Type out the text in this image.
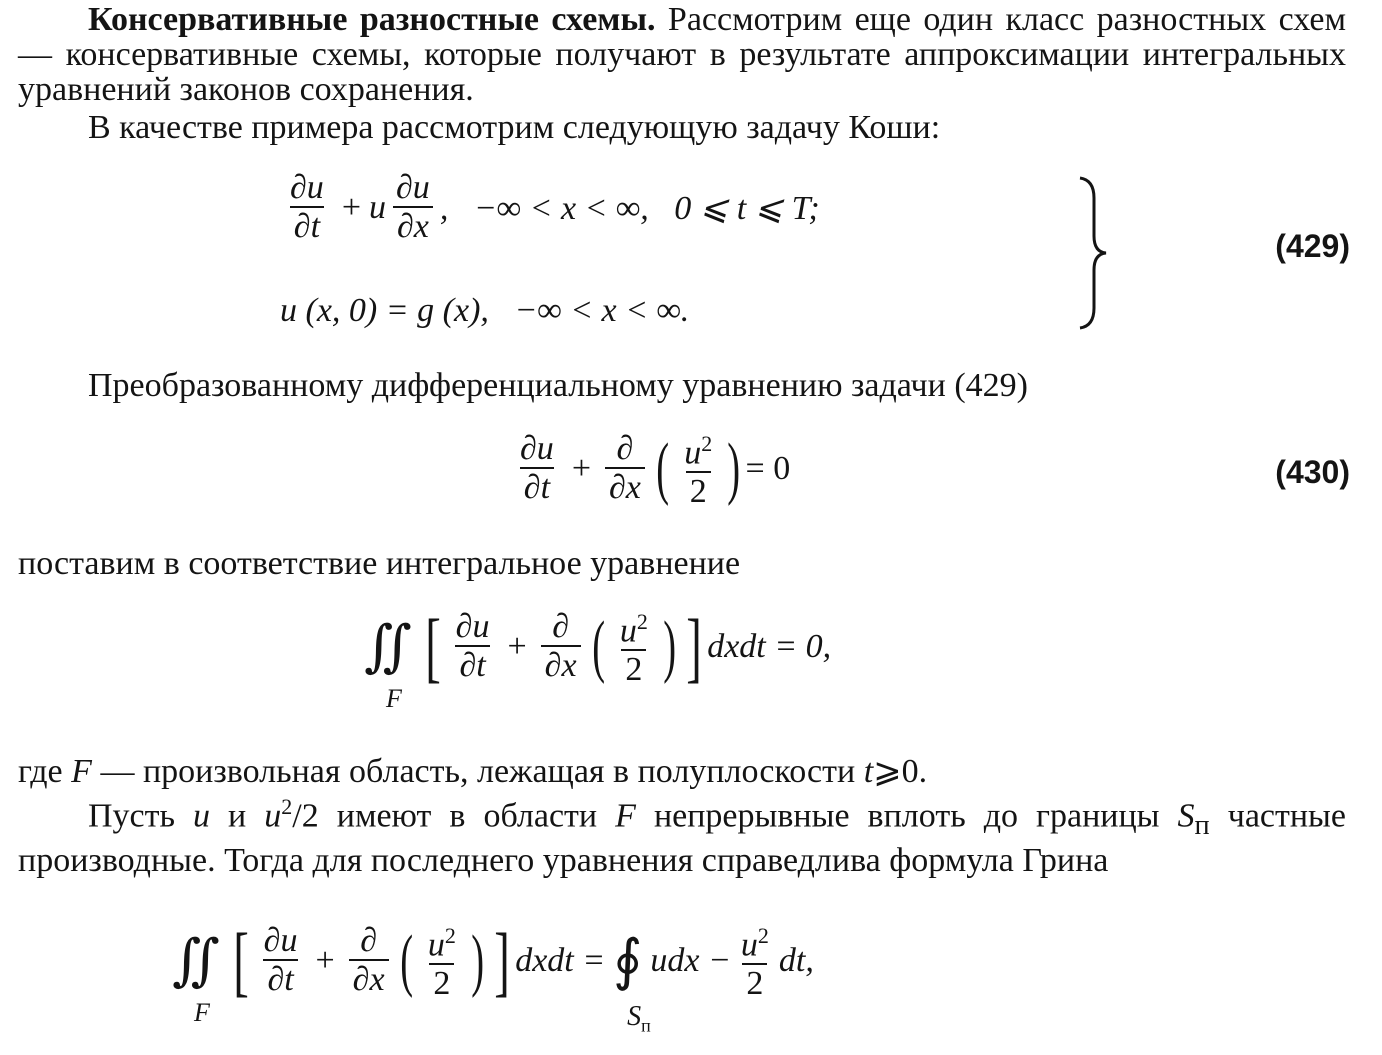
Консервативные разностные схемы. Рассмотрим еще один класс разностных схем — консервативные схемы, которые получают в результате аппроксимации интегральных уравнений законов сохранения.

В качестве примера рассмотрим следующую задачу Коши:

$\frac{\partial u}{\partial t} + u \frac{\partial u}{\partial x}$ ,   −∞ < x < ∞,   0 ⩽ t ⩽ T;
u (x, 0) = g (x),   −∞ < x < ∞.
(429)

Преобразованному дифференциальному уравнению задачи (429)

$\frac{\partial u}{\partial t} + \frac{\partial}{\partial x}$ ( $\frac{u^2}{2}$ ) = 0	(430)

поставим в соответствие интегральное уравнение

∬
F
[ $\frac{\partial u}{\partial t} + \frac{\partial}{\partial x}$ ( $\frac{u^2}{2}$ ) ] dxdt = 0,

где F — произвольная область, лежащая в полуплоскости t⩾0.

Пусть u и $u^2/2$ имеют в области F непрерывные вплоть до границы $S_п$ частные производные. Тогда для последнего уравнения справедлива формула Грина

∬
F
[ $\frac{\partial u}{\partial t} + \frac{\partial}{\partial x}$ ( $\frac{u^2}{2}$ ) ] dxdt = ∮
$S_п$
udx − $\frac{u^2}{2}$ dt,
